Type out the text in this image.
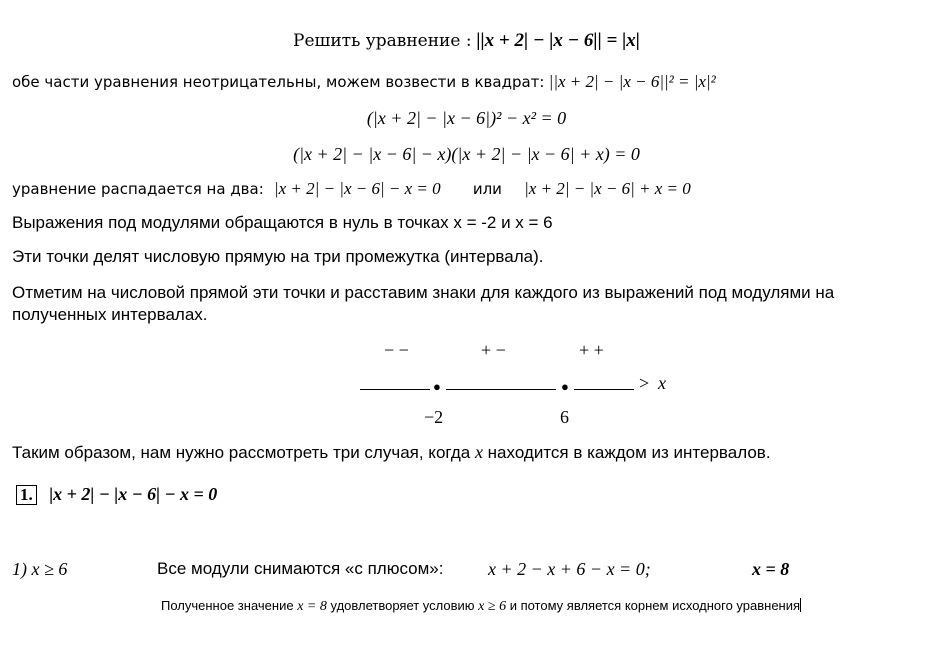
Решить уравнение : ||x + 2| − |x − 6|| = |x|
обе части уравнения неотрицательны, можем возвести в квадрат: ||x + 2| − |x − 6||² = |x|²
(|x + 2| − |x − 6|)² − x² = 0
(|x + 2| − |x − 6| − x)(|x + 2| − |x − 6| + x) = 0
уравнение распадается на два: |x + 2| − |x − 6| − x = 0 или |x + 2| − |x − 6| + x = 0
Выражения под модулями обращаются в нуль в точках x = -2 и x = 6
Эти точки делят числовую прямую на три промежутка (интервала).
Отметим на числовой прямой эти точки и расставим знаки для каждого из выражений под модулями на
полученных интервалах.
− −	+ −	+ +
●	●	> x
−2	6
Таким образом, нам нужно рассмотреть три случая, когда x находится в каждом из интервалов.
1. |x + 2| − |x − 6| − x = 0
1) x ≥ 6	Все модули снимаются «с плюсом»: x + 2 − x + 6 − x = 0;	x = 8
Полученное значение x = 8 удовлетворяет условию x ≥ 6 и потому является корнем исходного уравнения
